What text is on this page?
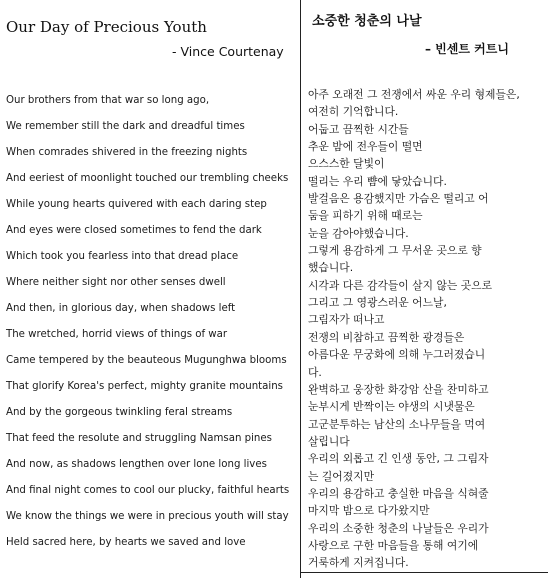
Our Day of Precious Youth
- Vince Courtenay
Our brothers from that war so long ago,
We remember still the dark and dreadful times
When comrades shivered in the freezing nights
And eeriest of moonlight touched our trembling cheeks
While young hearts quivered with each daring step
And eyes were closed sometimes to fend the dark
Which took you fearless into that dread place
Where neither sight nor other senses dwell
And then, in glorious day, when shadows left
The wretched, horrid views of things of war
Came tempered by the beauteous Mugunghwa blooms
That glorify Korea's perfect, mighty granite mountains
And by the gorgeous twinkling feral streams
That feed the resolute and struggling Namsan pines
And now, as shadows lengthen over lone long lives
And final night comes to cool our plucky, faithful hearts
We know the things we were in precious youth will stay
Held sacred here, by hearts we saved and love
소중한 청춘의 나날
– 빈센트 커트니
아주 오래전 그 전쟁에서 싸운 우리 형제들은,
여전히 기억합니다.
어둡고 끔찍한 시간들
추운 밤에 전우들이 떨면
으스스한 달빛이
떨리는 우리 뺨에 닿았습니다.
발걸음은 용감했지만 가슴은 떨리고 어
둠을 피하기 위해 때로는
눈을 감아야했습니다.
그렇게 용감하게 그 무서운 곳으로 향
했습니다.
시각과 다른 감각들이 살지 않는 곳으로
그리고 그 영광스러운 어느날,
그림자가 떠나고
전쟁의 비참하고 끔찍한 광경들은
아름다운 무궁화에 의해 누그러졌습니
다.
완벽하고 웅장한 화강암 산을 찬미하고
눈부시게 반짝이는 야생의 시냇물은
고군분투하는 남산의 소나무들을 먹여
살립니다
우리의 외롭고 긴 인생 동안, 그 그림자
는 길어졌지만
우리의 용감하고 충실한 마음을 식혀줄
마지막 밤으로 다가왔지만
우리의 소중한 청춘의 나날들은 우리가
사랑으로 구한 마음들을 통해 여기에
거룩하게 지켜집니다.
